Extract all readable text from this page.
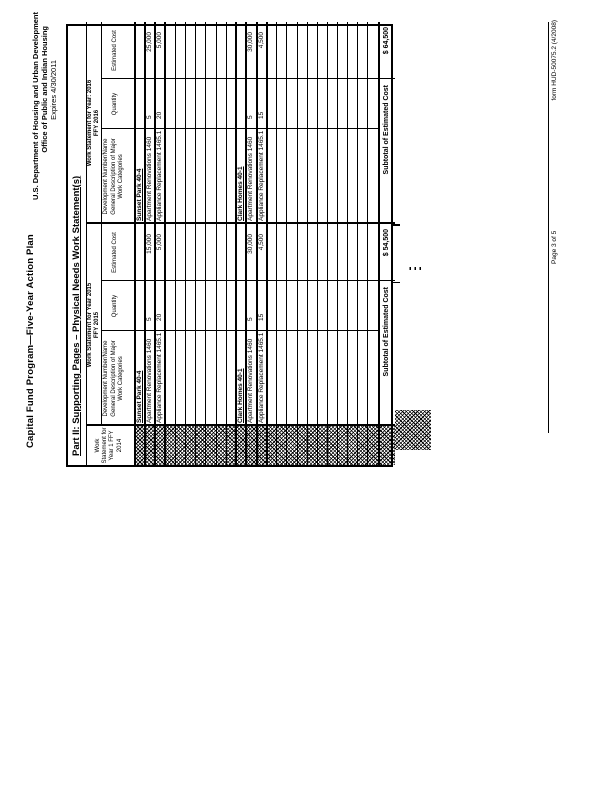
Capital Fund Program—Five-Year Action Plan
U.S. Department of Housing and Urban Development Office of Public and Indian Housing Expires 4/30/2011
Part II: Supporting Pages – Physical Needs Work Statement(s)	Work Statement for Year 1 FFY 2014
Work Statement for Year 2015 FFY 2015
Work Statement for Year: 2016 FFY 2016
Development Number/Name General Description of Major Work Categories
Quantity
Estimated Cost
Development Number/Name General Description of Major Work Categories
Quantity
Estimated Cost
Sunset Park 40-4
Sunset Park 40-4
Apartment Renovations 1460
5
15,000
Apartment Renovations 1460
5
25,000
Appliance Replacement 1465.1
20
5,000
Appliance Replacement 1465.1
20
5,000
Clark Homes 40-1
Clark Homes 40-1
Apartment Renovations 1460
5
30,000
Apartment Renovations 1460
5
30,000
Appliance Replacement 1465.1
15
4,500
Appliance Replacement 1465.1
15
4,500
Subtotal of Estimated Cost
$ 54,500
Subtotal of Estimated Cost
$ 64,500
Page 3 of 5
form HUD-50075.2 (4/2008)
